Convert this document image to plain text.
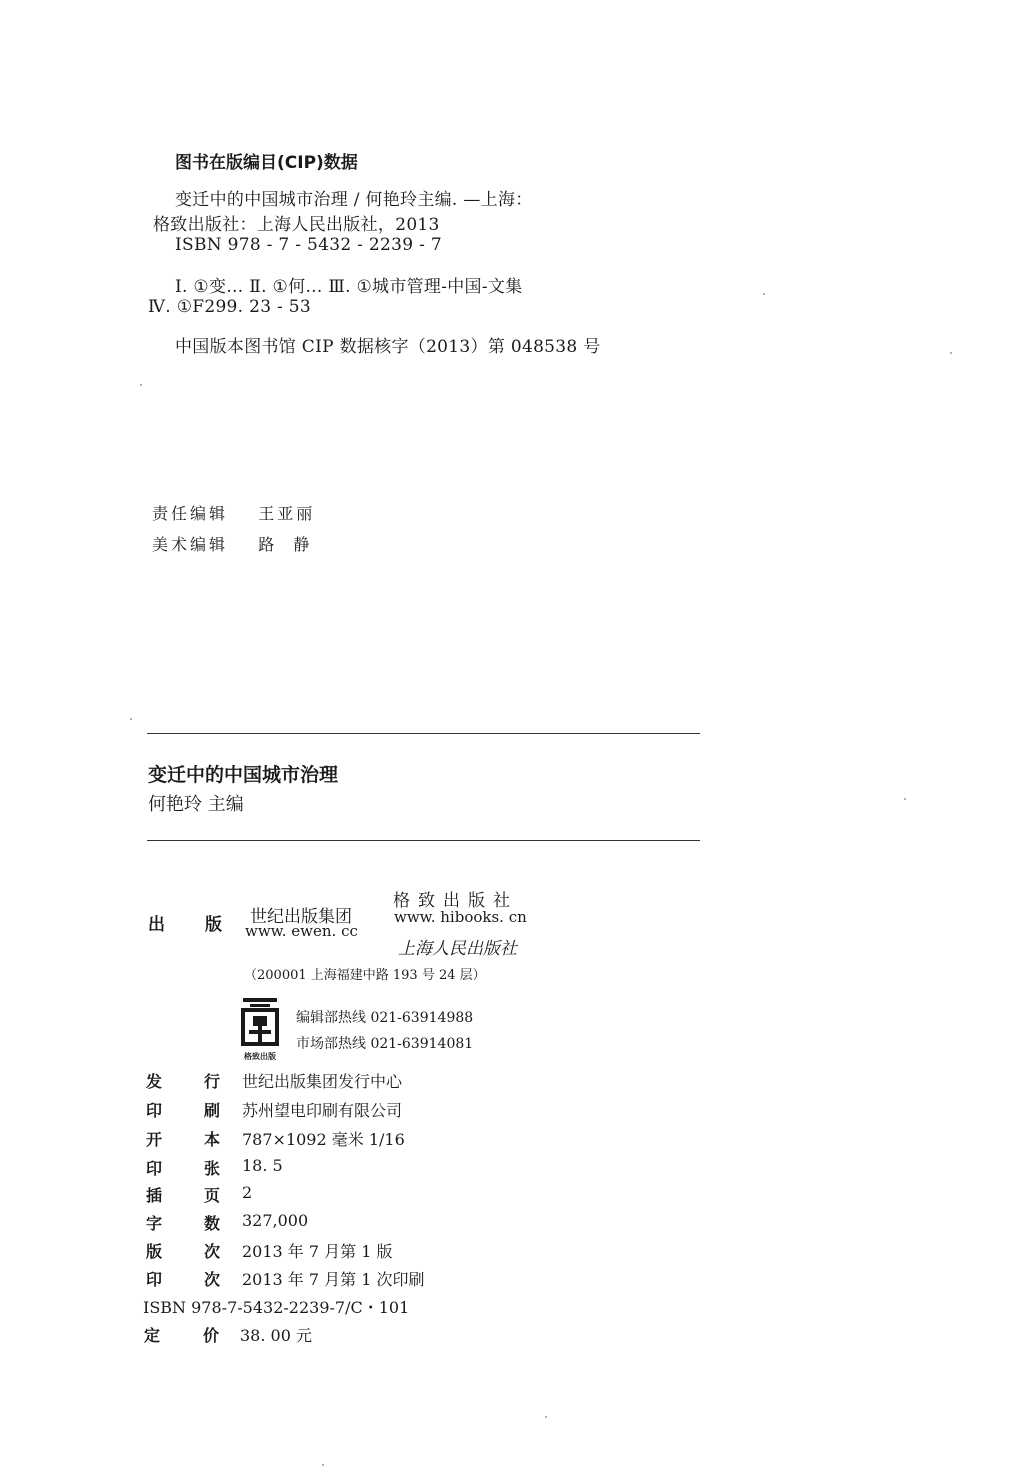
图书在版编目(CIP)数据
变迁中的中国城市治理 / 何艳玲主编. —上海：
格致出版社：上海人民出版社，2013
ISBN 978 - 7 - 5432 - 2239 - 7
Ⅰ. ①变… Ⅱ. ①何… Ⅲ. ①城市管理-中国-文集
Ⅳ. ①F299. 23 - 53
中国版本图书馆 CIP 数据核字（2013）第 048538 号
责任编辑 王亚丽
美术编辑 路  静
变迁中的中国城市治理
何艳玲 主编
出 版 世纪出版集团
www. ewen. cc
格致出版社
www. hibooks. cn
上海人民出版社
（200001 上海福建中路 193 号 24 层）
格致出版
编辑部热线 021-63914988
市场部热线 021-63914081
发	行 世纪出版集团发行中心
印	刷 苏州望电印刷有限公司
开	本 787×1092 毫米 1/16
印	张 18. 5
插	页 2
字	数 327,000
版	次 2013 年 7 月第 1 版
印	次 2013 年 7 月第 1 次印刷
ISBN 978-7-5432-2239-7/C・101
定	价 38. 00 元
